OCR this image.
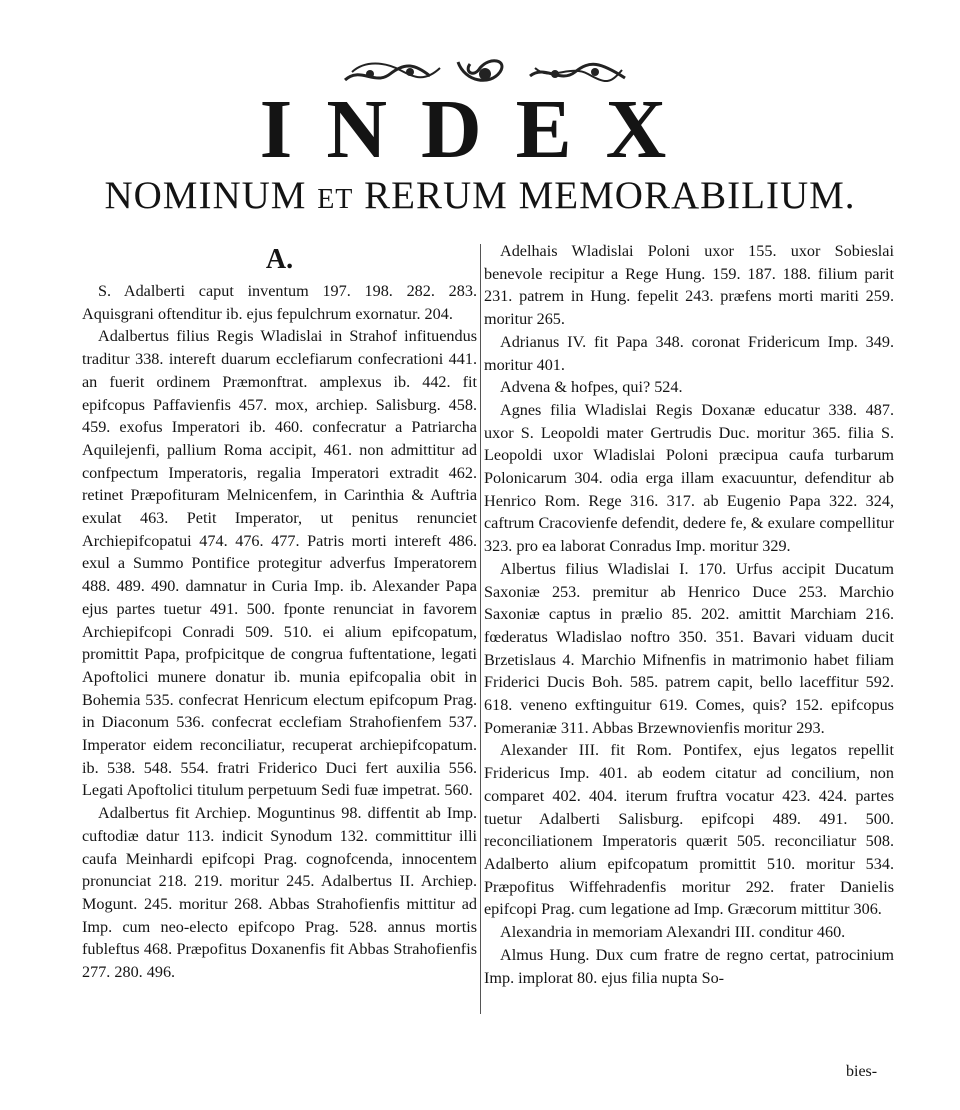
INDEX
NOMINUM ET RERUM MEMORABILIUM.
A.

S. Adalberti caput inventum 197. 198. 282. 283. Aquisgrani oftenditur ib. ejus fepulchrum exornatur. 204.

Adalbertus filius Regis Wladislai in Strahof infituendus traditur 338. intereft duarum ecclefiarum confecrationi 441. an fuerit ordinem Præmonftrat. amplexus ib. 442. fit epifcopus Paffavienfis 457. mox, archiep. Salisburg. 458. 459. exofus Imperatori ib. 460. confecratur a Patriarcha Aquilejenfi, pallium Roma accipit, 461. non admittitur ad confpectum Imperatoris, regalia Imperatori extradit 462. retinet Præpofituram Melnicenfem, in Carinthia & Auftria exulat 463. Petit Imperator, ut penitus renunciet Archiepifcopatui 474. 476. 477. Patris morti intereft 486. exul a Summo Pontifice protegitur adverfus Imperatorem 488. 489. 490. damnatur in Curia Imp. ib. Alexander Papa ejus partes tuetur 491. 500. fponte renunciat in favorem Archiepifcopi Conradi 509. 510. ei alium epifcopatum, promittit Papa, profpicitque de congrua fuftentatione, legati Apoftolici munere donatur ib. munia epifcopalia obit in Bohemia 535. confecrat Henricum electum epifcopum Prag. in Diaconum 536. confecrat ecclefiam Strahofienfem 537. Imperator eidem reconciliatur, recuperat archiepifcopatum. ib. 538. 548. 554. fratri Friderico Duci fert auxilia 556. Legati Apoftolici titulum perpetuum Sedi fuæ impetrat. 560.

Adalbertus fit Archiep. Moguntinus 98. diffentit ab Imp. cuftodiæ datur 113. indicit Synodum 132. committitur illi caufa Meinhardi epifcopi Prag. cognofcenda, innocentem pronunciat 218. 219. moritur 245. Adalbertus II. Archiep. Mogunt. 245. moritur 268. Abbas Strahofienfis mittitur ad Imp. cum neo-electo epifcopo Prag. 528. annus mortis fubleftus 468. Præpofitus Doxanenfis fit Abbas Strahofienfis 277. 280. 496.

Adelhais Wladislai Poloni uxor 155. uxor Sobieslai benevole recipitur a Rege Hung. 159. 187. 188. filium parit 231. patrem in Hung. fepelit 243. præfens morti mariti 259. moritur 265.

Adrianus IV. fit Papa 348. coronat Fridericum Imp. 349. moritur 401.

Advena & hofpes, qui? 524.

Agnes filia Wladislai Regis Doxanæ educatur 338. 487. uxor S. Leopoldi mater Gertrudis Duc. moritur 365. filia S. Leopoldi uxor Wladislai Poloni præcipua caufa turbarum Polonicarum 304. odia erga illam exacuuntur, defenditur ab Henrico Rom. Rege 316. 317. ab Eugenio Papa 322. 324, caftrum Cracovienfe defendit, dedere fe, & exulare compellitur 323. pro ea laborat Conradus Imp. moritur 329.

Albertus filius Wladislai I. 170. Urfus accipit Ducatum Saxoniæ 253. premitur ab Henrico Duce 253. Marchio Saxoniæ captus in prælio 85. 202. amittit Marchiam 216. fœderatus Wladislao noftro 350. 351. Bavari viduam ducit Brzetislaus 4. Marchio Mifnenfis in matrimonio habet filiam Friderici Ducis Boh. 585. patrem capit, bello laceffitur 592. 618. veneno exftinguitur 619. Comes, quis? 152. epifcopus Pomeraniæ 311. Abbas Brzewnovienfis moritur 293.

Alexander III. fit Rom. Pontifex, ejus legatos repellit Fridericus Imp. 401. ab eodem citatur ad concilium, non comparet 402. 404. iterum fruftra vocatur 423. 424. partes tuetur Adalberti Salisburg. epifcopi 489. 491. 500. reconciliationem Imperatoris quærit 505. reconciliatur 508. Adalberto alium epifcopatum promittit 510. moritur 534. Præpofitus Wiffehradenfis moritur 292. frater Danielis epifcopi Prag. cum legatione ad Imp. Græcorum mittitur 306.

Alexandria in memoriam Alexandri III. conditur 460.

Almus Hung. Dux cum fratre de regno certat, patrocinium Imp. implorat 80. ejus filia nupta So-

bies-
